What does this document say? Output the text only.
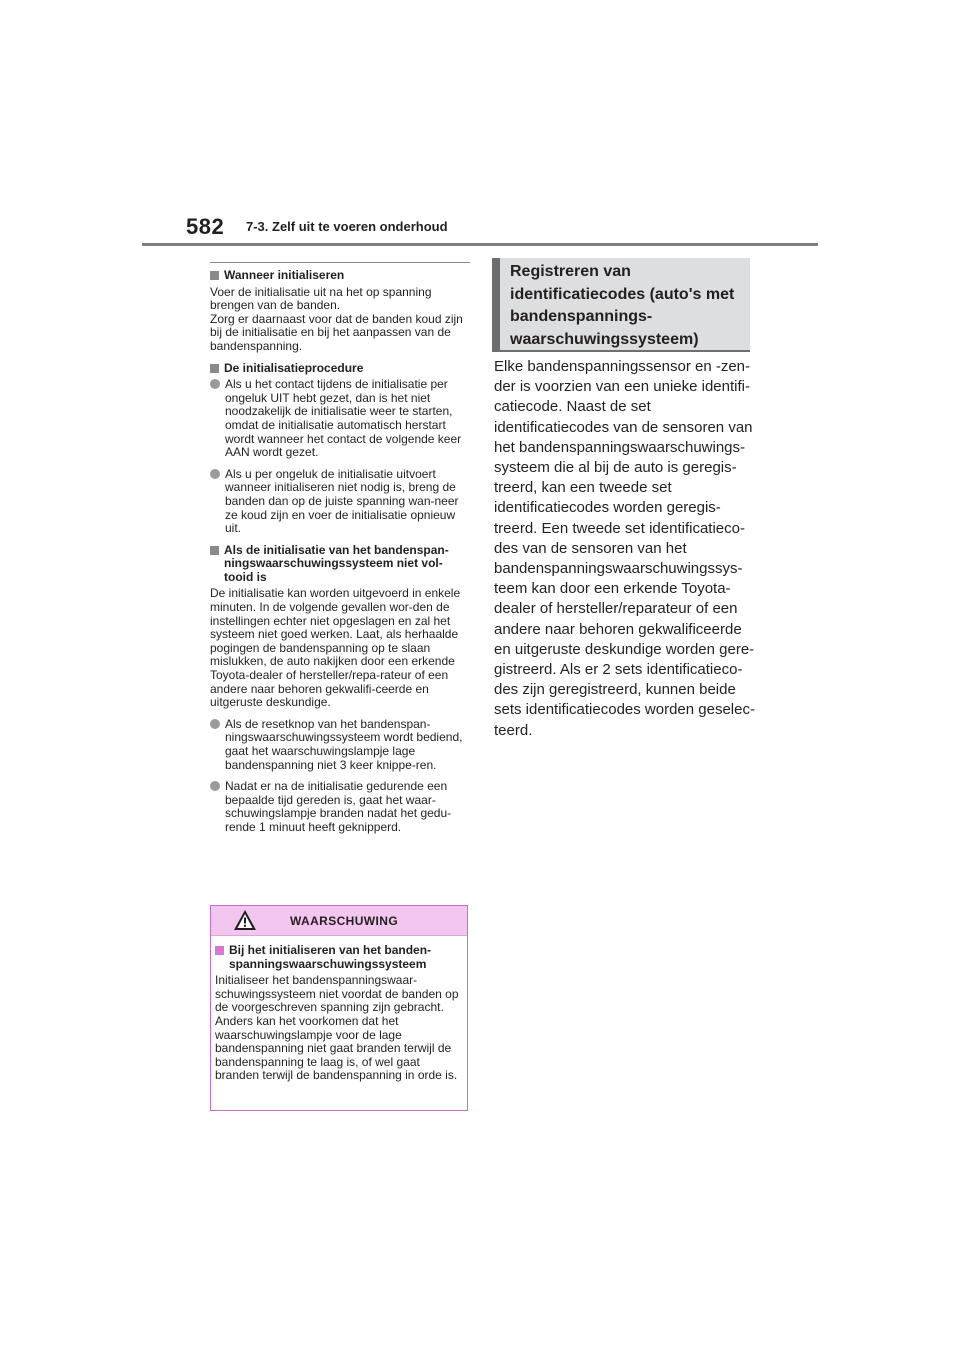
582 7-3. Zelf uit te voeren onderhoud
Wanneer initialiseren

Voer de initialisatie uit na het op spanning brengen van de banden.
Zorg er daarnaast voor dat de banden koud zijn bij de initialisatie en bij het aanpassen van de bandenspanning.

De initialisatieprocedure
Als u het contact tijdens de initialisatie per ongeluk UIT hebt gezet, dan is het niet noodzakelijk de initialisatie weer te starten, omdat de initialisatie automatisch herstart wordt wanneer het contact de volgende keer AAN wordt gezet.
Als u per ongeluk de initialisatie uitvoert wanneer initialiseren niet nodig is, breng de banden dan op de juiste spanning wan-neer ze koud zijn en voer de initialisatie opnieuw uit.
Als de initialisatie van het bandenspan-ningswaarschuwingssysteem niet vol-tooid is

De initialisatie kan worden uitgevoerd in enkele minuten. In de volgende gevallen wor-den de instellingen echter niet opgeslagen en zal het systeem niet goed werken. Laat, als herhaalde pogingen de bandenspanning op te slaan mislukken, de auto nakijken door een erkende Toyota-dealer of hersteller/repa-rateur of een andere naar behoren gekwalifi-ceerde en uitgeruste deskundige.

Als de resetknop van het bandenspan-ningswaarschuwingssysteem wordt bediend, gaat het waarschuwingslampje lage bandenspanning niet 3 keer knippe-ren.
Nadat er na de initialisatie gedurende een bepaalde tijd gereden is, gaat het waar-schuwingslampje branden nadat het gedu-rende 1 minuut heeft geknipperd.
WAARSCHUWING
Bij het initialiseren van het banden-spanningswaarschuwingssysteem

Initialiseer het bandenspanningswaar-schuwingssysteem niet voordat de banden op de voorgeschreven spanning zijn gebracht. Anders kan het voorkomen dat het waarschuwingslampje voor de lage bandenspanning niet gaat branden terwijl de bandenspanning te laag is, of wel gaat branden terwijl de bandenspanning in orde is.

Registreren van identificatiecodes (auto's met bandenspannings-waarschuwingssysteem)

Elke bandenspanningssensor en -zen-der is voorzien van een unieke identifi-catiecode. Naast de set identificatiecodes van de sensoren van het bandenspanningswaarschuwings-systeem die al bij de auto is geregis-treerd, kan een tweede set identificatiecodes worden geregis-treerd. Een tweede set identificatieco-des van de sensoren van het bandenspanningswaarschuwingssys-teem kan door een erkende Toyota-dealer of hersteller/reparateur of een andere naar behoren gekwalificeerde en uitgeruste deskundige worden gere-gistreerd. Als er 2 sets identificatieco-des zijn geregistreerd, kunnen beide sets identificatiecodes worden geselec-teerd.
